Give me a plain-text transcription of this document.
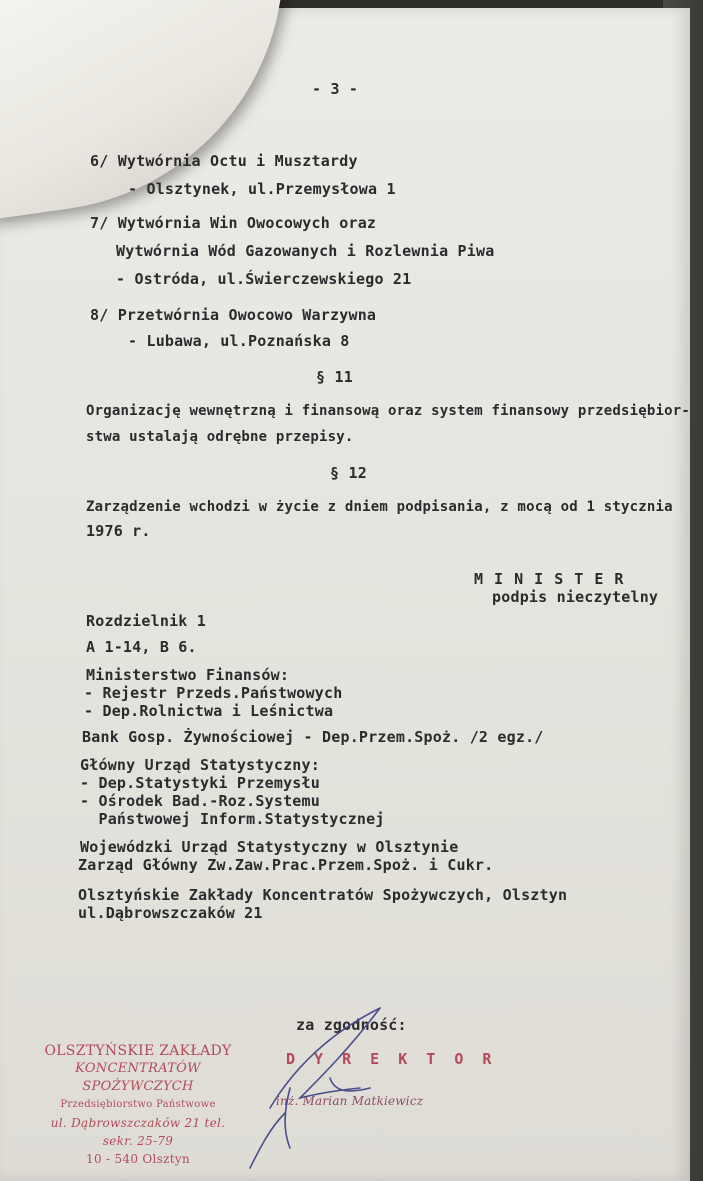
- 3 -
6/ Wytwórnia Octu i Musztardy
- Olsztynek, ul.Przemysłowa 1
7/ Wytwórnia Win Owocowych oraz
Wytwórnia Wód Gazowanych i Rozlewnia Piwa
- Ostróda, ul.Świerczewskiego 21
8/ Przetwórnia Owocowo Warzywna
- Lubawa, ul.Poznańska 8
§ 11
Organizację wewnętrzną i finansową oraz system finansowy przedsiębior-
stwa ustalają odrębne przepisy.
§ 12
Zarządzenie wchodzi w życie z dniem podpisania, z mocą od 1 stycznia
1976 r.
M I N I S T E R
podpis nieczytelny
Rozdzielnik 1
A 1-14, B 6.
Ministerstwo Finansów:
- Rejestr Przeds.Państwowych
- Dep.Rolnictwa i Leśnictwa
Bank Gosp. Żywnościowej - Dep.Przem.Spoż. /2 egz./
Główny Urząd Statystyczny:
- Dep.Statystyki Przemysłu
- Ośrodek Bad.-Roz.Systemu
Państwowej Inform.Statystycznej
Wojewódzki Urząd Statystyczny w Olsztynie
Zarząd Główny Zw.Zaw.Prac.Przem.Spoż. i Cukr.
Olsztyńskie Zakłady Koncentratów Spożywczych, Olsztyn
ul.Dąbrowszczaków 21
za zgodność:
D Y R E K T O R
inż. Marian Matkiewicz
OLSZTYŃSKIE ZAKŁADY
KONCENTRATÓW SPOŻYWCZYCH
Przedsiębiorstwo Państwowe
ul. Dąbrowszczaków 21 tel. sekr. 25-79
10 - 540 Olsztyn
